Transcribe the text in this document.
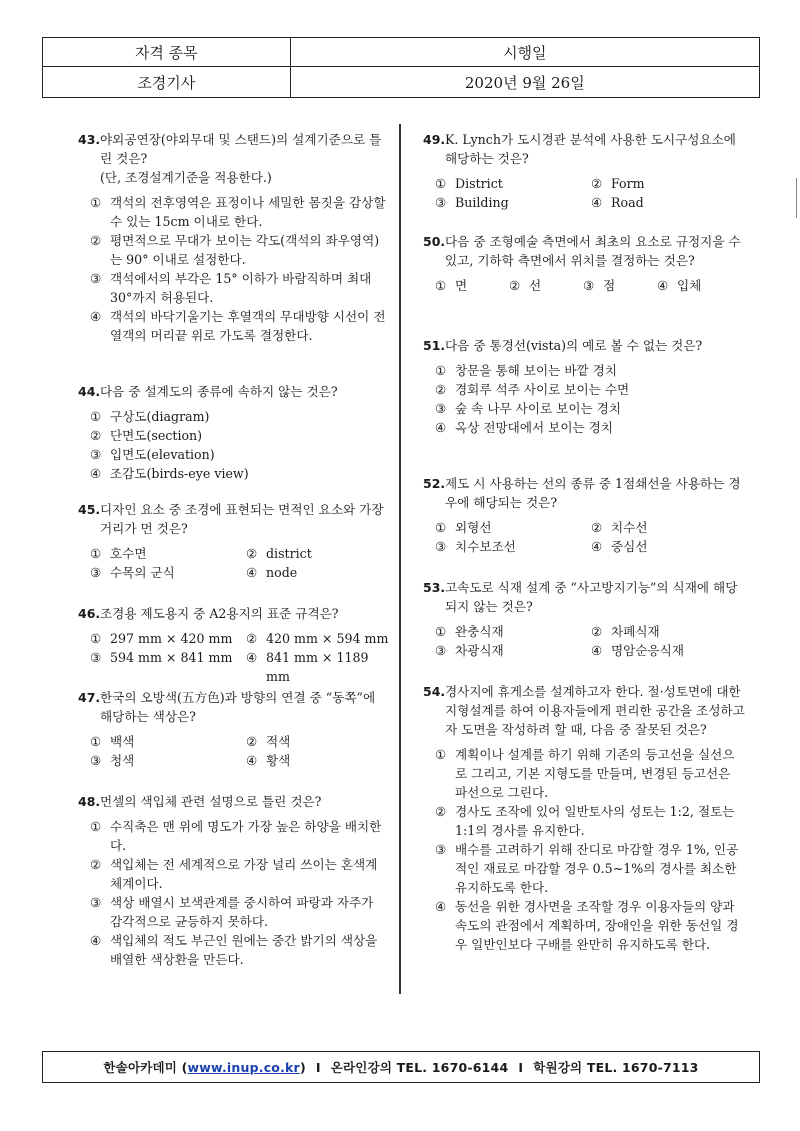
자격 종목	시행일
조경기사	2020년 9월 26일
43. 야외공연장(야외무대 및 스탠드)의 설계기준으로 틀린 것은?
(단, 조경설계기준을 적용한다.)
① 객석의 전후영역은 표정이나 세밀한 몸짓을 감상할 수 있는 15cm 이내로 한다.
② 평면적으로 무대가 보이는 각도(객석의 좌우영역)는 90° 이내로 설정한다.
③ 객석에서의 부각은 15° 이하가 바람직하며 최대 30°까지 허용된다.
④ 객석의 바닥기울기는 후열객의 무대방향 시선이 전열객의 머리끝 위로 가도록 결정한다.
44. 다음 중 설계도의 종류에 속하지 않는 것은?
① 구상도(diagram)
② 단면도(section)
③ 입면도(elevation)
④ 조감도(birds-eye view)
45. 디자인 요소 중 조경에 표현되는 면적인 요소와 가장 거리가 먼 것은?
① 호수면	② district
③ 수목의 군식	④ node
46. 조경용 제도용지 중 A2용지의 표준 규격은?
① 297 mm × 420 mm ② 420 mm × 594 mm
③ 594 mm × 841 mm ④ 841 mm × 1189 mm
47. 한국의 오방색(五方色)과 방향의 연결 중 “동쪽”에 해당하는 색상은?
① 백색	② 적색
③ 청색	④ 황색
48. 먼셀의 색입체 관련 설명으로 틀린 것은?
① 수직축은 맨 위에 명도가 가장 높은 하양을 배치한다.
② 색입체는 전 세계적으로 가장 널리 쓰이는 혼색계 체계이다.
③ 색상 배열시 보색관계를 중시하여 파랑과 자주가 감각적으로 균등하지 못하다.
④ 색입체의 적도 부근인 원에는 중간 밝기의 색상을 배열한 색상환을 만든다.
49. K. Lynch가 도시경관 분석에 사용한 도시구성요소에 해당하는 것은?
① District	② Form
③ Building	④ Road
50. 다음 중 조형예술 측면에서 최초의 요소로 규정지을 수 있고, 기하학 측면에서 위치를 결정하는 것은?
① 면	② 선	③ 점	④ 입체
51. 다음 중 통경선(vista)의 예로 볼 수 없는 것은?
① 창문을 통해 보이는 바깥 경치
② 경회루 석주 사이로 보이는 수면
③ 숲 속 나무 사이로 보이는 경치
④ 옥상 전망대에서 보이는 경치
52. 제도 시 사용하는 선의 종류 중 1점쇄선을 사용하는 경우에 해당되는 것은?
① 외형선	② 치수선
③ 치수보조선	④ 중심선
53. 고속도로 식재 설계 중 “사고방지기능”의 식재에 해당되지 않는 것은?
① 완충식재	② 차폐식재
③ 차광식재	④ 명암순응식재
54. 경사지에 휴게소를 설계하고자 한다. 절·성토면에 대한 지형설계를 하여 이용자들에게 편리한 공간을 조성하고자 도면을 작성하려 할 때, 다음 중 잘못된 것은?
① 계획이나 설계를 하기 위해 기존의 등고선을 실선으로 그리고, 기본 지형도를 만들며, 변경된 등고선은 파선으로 그린다.
② 경사도 조작에 있어 일반토사의 성토는 1:2, 절토는 1:1의 경사를 유지한다.
③ 배수를 고려하기 위해 잔디로 마감할 경우 1%, 인공적인 재료로 마감할 경우 0.5~1%의 경사를 최소한 유지하도록 한다.
④ 동선을 위한 경사면을 조작할 경우 이용자들의 양과 속도의 관점에서 계획하며, 장애인을 위한 동선일 경우 일반인보다 구배를 완만히 유지하도록 한다.
한솔아카데미 ( www.inup.co.kr ) I 온라인강의 TEL. 1670-6144 I 학원강의 TEL. 1670-7113
